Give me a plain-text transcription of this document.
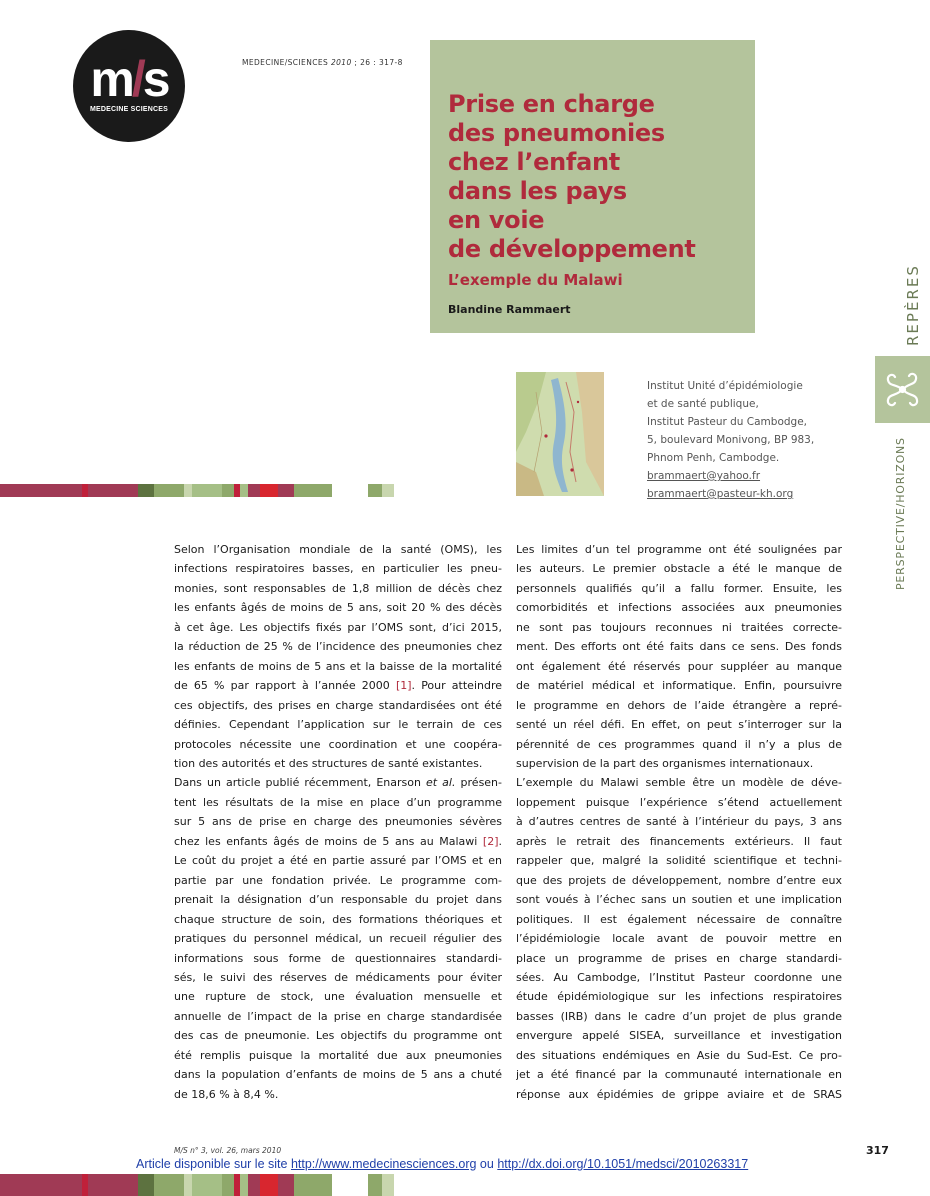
m/s
MEDECINE SCIENCES
MEDECINE/SCIENCES 2010 ; 26 : 317-8
Prise en charge
des pneumonies
chez l’enfant
dans les pays
en voie
de développement
L’exemple du Malawi
Blandine Rammaert
Institut Unité d’épidémiologie
et de santé publique,
Institut Pasteur du Cambodge,
5, boulevard Monivong, BP 983,
Phnom Penh, Cambodge.
brammaert@yahoo.fr
brammaert@pasteur-kh.org
REPÈRES
PERSPECTIVE/HORIZONS
Selon l’Organisation mondiale de la santé (OMS), les
infections respiratoires basses, en particulier les pneu-
monies, sont responsables de 1,8 million de décès chez
les enfants âgés de moins de 5 ans, soit 20 % des décès
à cet âge. Les objectifs fixés par l’OMS sont, d’ici 2015,
la réduction de 25 % de l’incidence des pneumonies chez
les enfants de moins de 5 ans et la baisse de la mortalité
de 65 % par rapport à l’année 2000 [1]. Pour atteindre
ces objectifs, des prises en charge standardisées ont été
définies. Cependant l’application sur le terrain de ces
protocoles nécessite une coordination et une coopéra-
tion des autorités et des structures de santé existantes.
Dans un article publié récemment, Enarson et al. présen-
tent les résultats de la mise en place d’un programme
sur 5 ans de prise en charge des pneumonies sévères
chez les enfants âgés de moins de 5 ans au Malawi [2].
Le coût du projet a été en partie assuré par l’OMS et en
partie par une fondation privée. Le programme com-
prenait la désignation d’un responsable du projet dans
chaque structure de soin, des formations théoriques et
pratiques du personnel médical, un recueil régulier des
informations sous forme de questionnaires standardi-
sés, le suivi des réserves de médicaments pour éviter
une rupture de stock, une évaluation mensuelle et
annuelle de l’impact de la prise en charge standardisée
des cas de pneumonie. Les objectifs du programme ont
été remplis puisque la mortalité due aux pneumonies
dans la population d’enfants de moins de 5 ans a chuté
de 18,6 % à 8,4 %.
Les limites d’un tel programme ont été soulignées par
les auteurs. Le premier obstacle a été le manque de
personnels qualifiés qu’il a fallu former. Ensuite, les
comorbidités et infections associées aux pneumonies
ne sont pas toujours reconnues ni traitées correcte-
ment. Des efforts ont été faits dans ce sens. Des fonds
ont également été réservés pour suppléer au manque
de matériel médical et informatique. Enfin, poursuivre
le programme en dehors de l’aide étrangère a repré-
senté un réel défi. En effet, on peut s’interroger sur la
pérennité de ces programmes quand il n’y a plus de
supervision de la part des organismes internationaux.
L’exemple du Malawi semble être un modèle de déve-
loppement puisque l’expérience s’étend actuellement
à d’autres centres de santé à l’intérieur du pays, 3 ans
après le retrait des financements extérieurs. Il faut
rappeler que, malgré la solidité scientifique et techni-
que des projets de développement, nombre d’entre eux
sont voués à l’échec sans un soutien et une implication
politiques. Il est également nécessaire de connaître
l’épidémiologie locale avant de pouvoir mettre en
place un programme de prises en charge standardi-
sées. Au Cambodge, l’Institut Pasteur coordonne une
étude épidémiologique sur les infections respiratoires
basses (IRB) dans le cadre d’un projet de plus grande
envergure appelé SISEA, surveillance et investigation
des situations endémiques en Asie du Sud-Est. Ce pro-
jet a été financé par la communauté internationale en
réponse aux épidémies de grippe aviaire et de SRAS
M/S n° 3, vol. 26, mars 2010	317
Article disponible sur le site http://www.medecinesciences.org ou http://dx.doi.org/10.1051/medsci/2010263317
